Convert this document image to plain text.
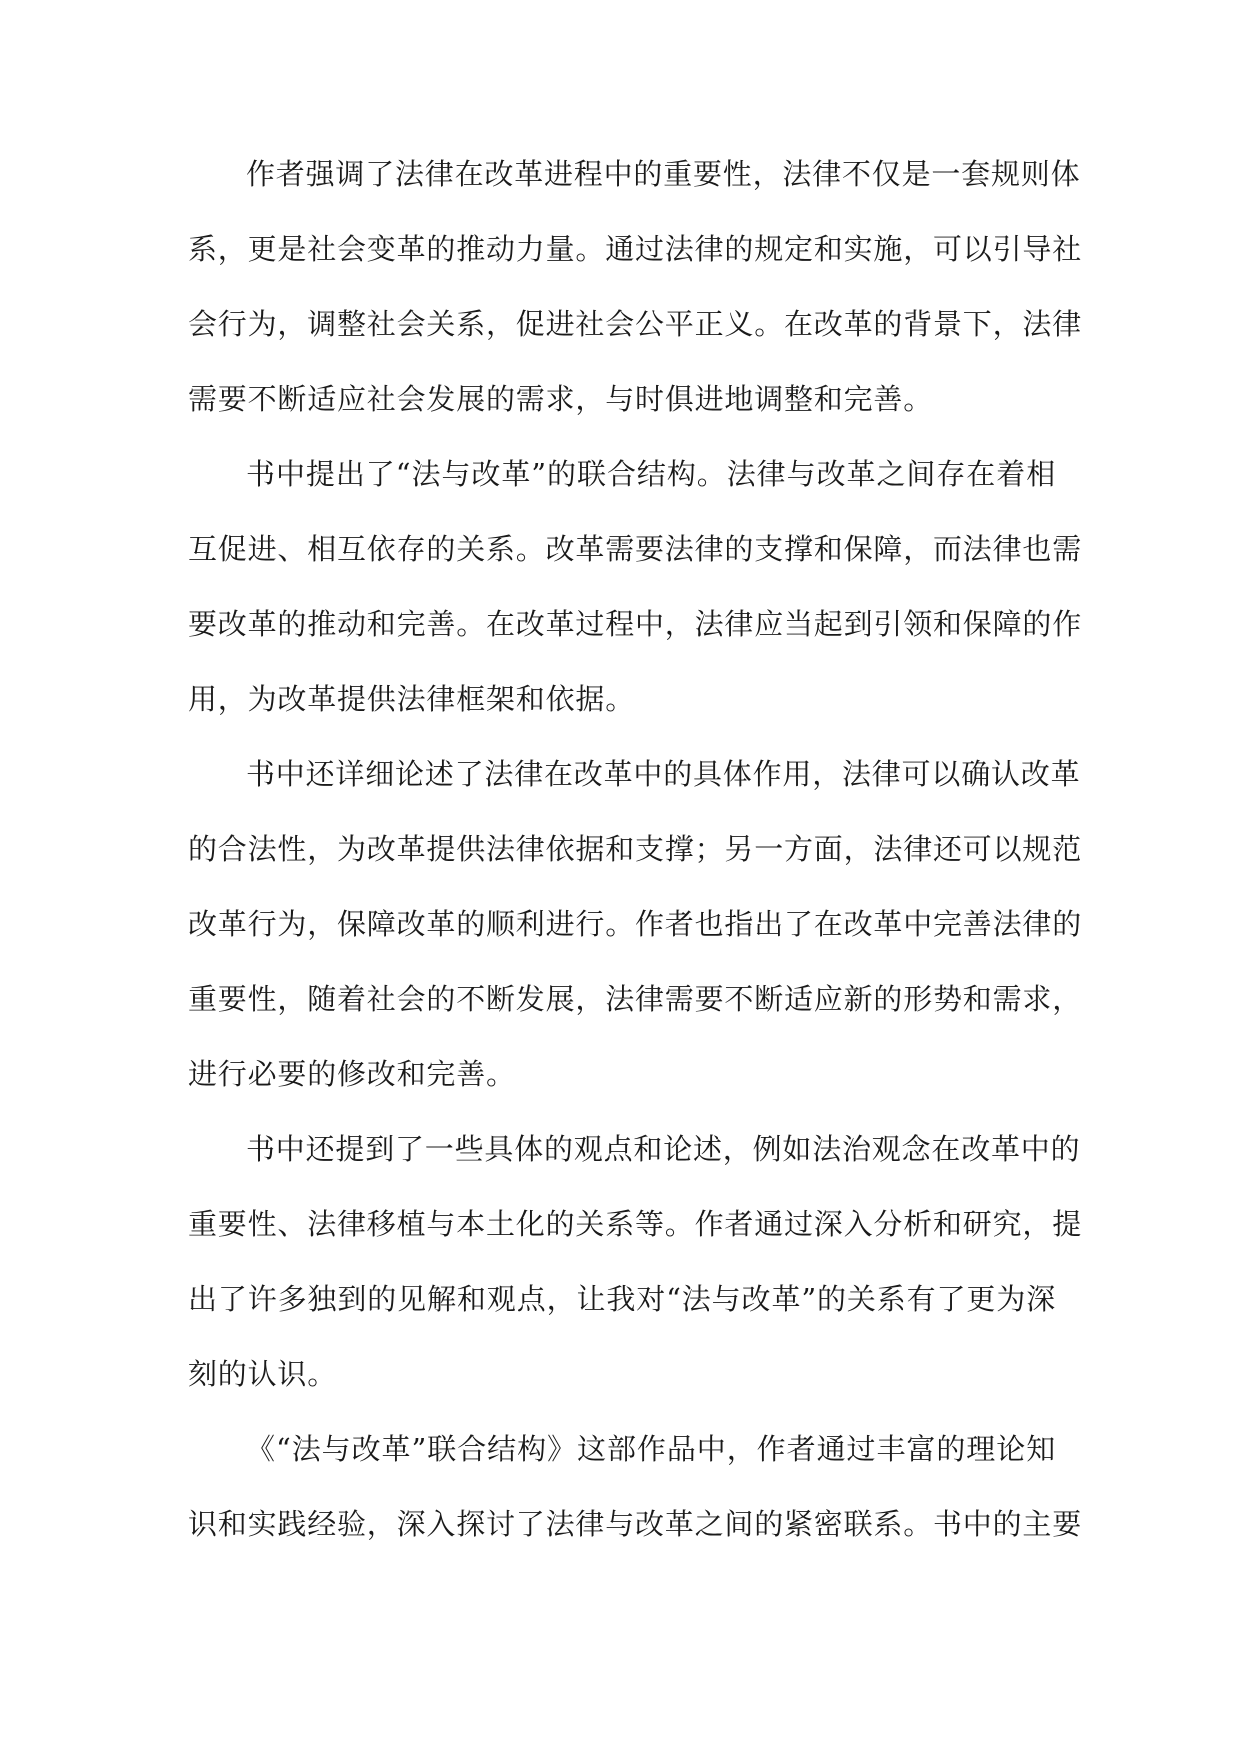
作者强调了法律在改革进程中的重要性，法律不仅是一套规则体
系，更是社会变革的推动力量。通过法律的规定和实施，可以引导社
会行为，调整社会关系，促进社会公平正义。在改革的背景下，法律
需要不断适应社会发展的需求，与时俱进地调整和完善。

书中提出了“法与改革”的联合结构。法律与改革之间存在着相
互促进、相互依存的关系。改革需要法律的支撑和保障，而法律也需
要改革的推动和完善。在改革过程中，法律应当起到引领和保障的作
用，为改革提供法律框架和依据。

书中还详细论述了法律在改革中的具体作用，法律可以确认改革
的合法性，为改革提供法律依据和支撑；另一方面，法律还可以规范
改革行为，保障改革的顺利进行。作者也指出了在改革中完善法律的
重要性，随着社会的不断发展，法律需要不断适应新的形势和需求，
进行必要的修改和完善。

书中还提到了一些具体的观点和论述，例如法治观念在改革中的
重要性、法律移植与本土化的关系等。作者通过深入分析和研究，提
出了许多独到的见解和观点，让我对“法与改革”的关系有了更为深
刻的认识。

《“法与改革”联合结构》这部作品中，作者通过丰富的理论知
识和实践经验，深入探讨了法律与改革之间的紧密联系。书中的主要
